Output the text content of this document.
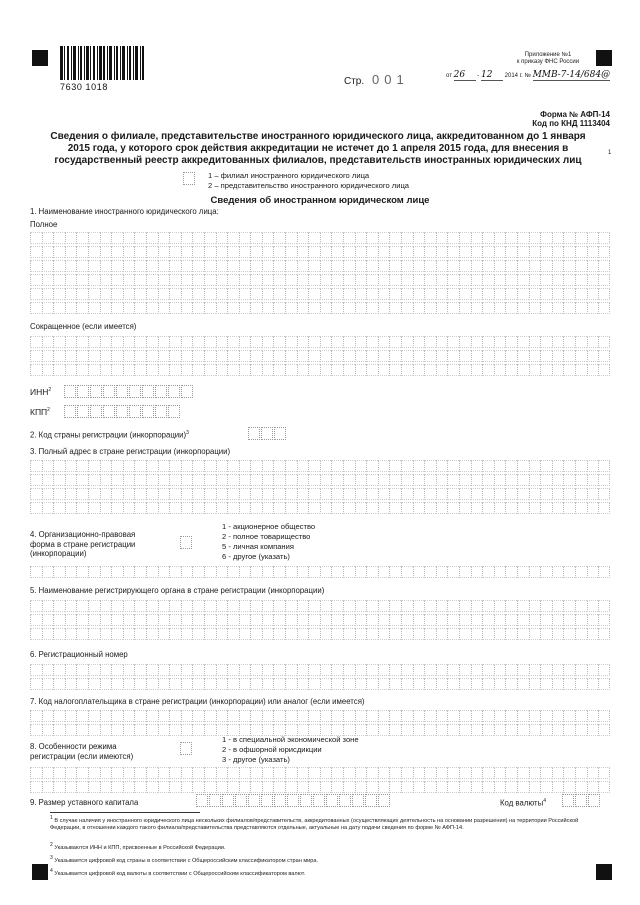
7630 1018	Стр. 001
Приложение №1
к приказу ФНС России
от 26 - 12 2014 г. № ММВ-7-14/684@
Форма № АФП-14
Код по КНД 1113404
Сведения о филиале, представительстве иностранного юридического лица, аккредитованном до 1 января
2015 года, у которого срок действия аккредитации не истечет до 1 апреля 2015 года, для внесения в
государственный реестр аккредитованных филиалов, представительств иностранных юридических лиц
1
1 – филиал иностранного юридического лица
2 – представительство иностранного юридического лица
Сведения об иностранном юридическом лице
1. Наименование иностранного юридического лица:
Полное
Сокращенное (если имеется)
ИНН$^2$
КПП$^2$
2. Код страны регистрации (инкорпорации)$^3$
3. Полный адрес в стране регистрации (инкорпорации)
4. Организационно-правовая
форма в стране регистрации
(инкорпорации)
1 - акционерное общество
2 - полное товарищество
5 - личная компания
6 - другое (указать)
5. Наименование регистрирующего органа в стране регистрации (инкорпорации)
6. Регистрационный номер
7. Код налогоплательщика в стране регистрации (инкорпорации) или аналог (если имеется)
8. Особенности режима
регистрации (если имеются)
1 - в специальной экономической зоне
2 - в офшорной юрисдикции
3 - другое (указать)
9. Размер уставного капитала	Код валюты$^4$
$^1$ В случае наличия у иностранного юридического лица нескольких филиалов/представительств, аккредитованных (осуществляющих деятельность на основании разрешения) на территории Российской Федерации, в отношении каждого такого филиала/представительства представляются отдельные, актуальные на дату подачи сведения по форме № АФП-14.
$^2$ Указываются ИНН и КПП, присвоенные в Российской Федерации.
$^3$ Указывается цифровой код страны в соответствии с Общероссийским классификатором стран мира.
$^4$ Указывается цифровой код валюты в соответствии с Общероссийским классификатором валют.
